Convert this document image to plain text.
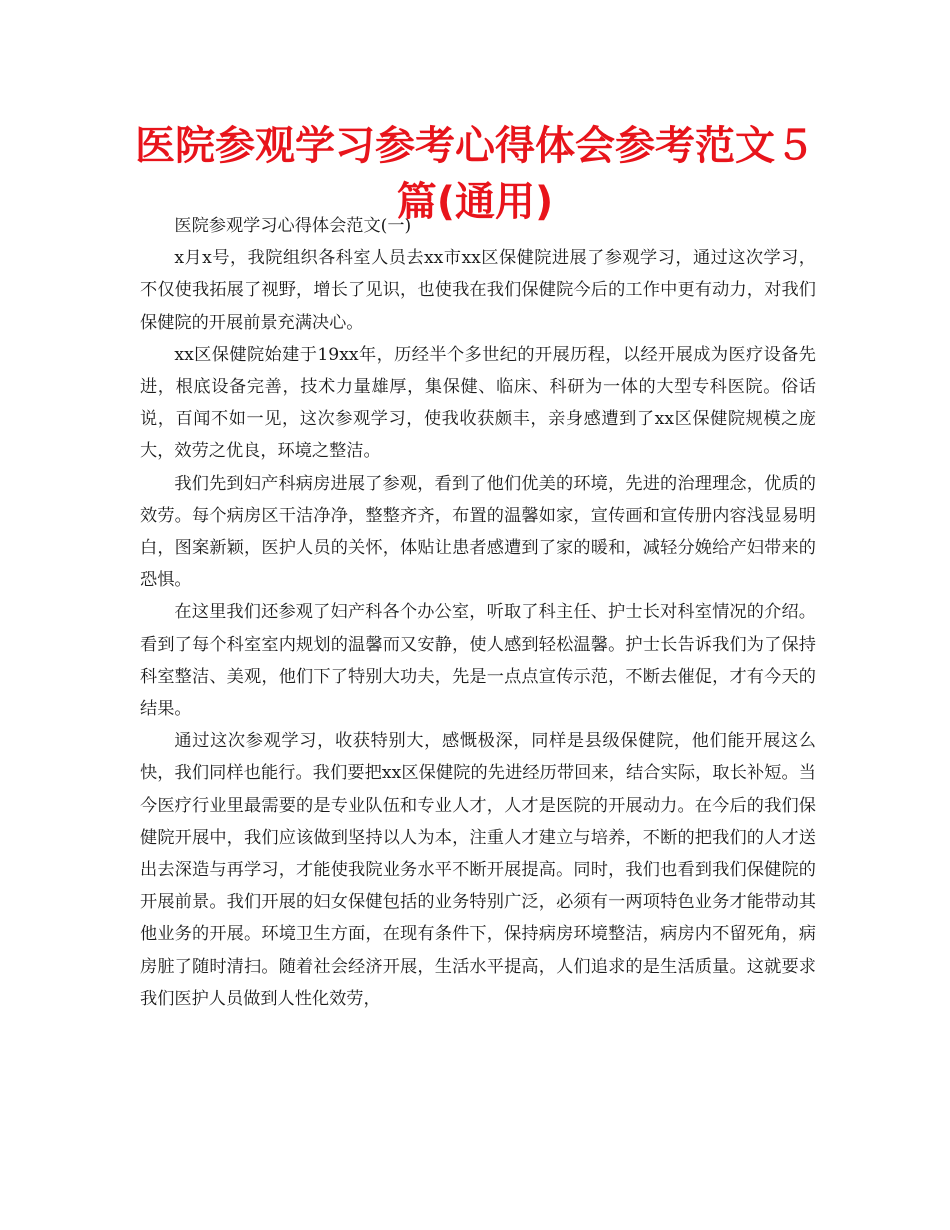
医院参观学习参考心得体会参考范文５篇(通用)

医院参观学习心得体会范文(一)

x月x号，我院组织各科室人员去xx市xx区保健院进展了参观学习，通过这次学习，不仅使我拓展了视野，增长了见识，也使我在我们保健院今后的工作中更有动力，对我们保健院的开展前景充满决心。

xx区保健院始建于19xx年，历经半个多世纪的开展历程，以经开展成为医疗设备先进，根底设备完善，技术力量雄厚，集保健、临床、科研为一体的大型专科医院。俗话说，百闻不如一见，这次参观学习，使我收获颇丰，亲身感遭到了xx区保健院规模之庞大，效劳之优良，环境之整洁。

我们先到妇产科病房进展了参观，看到了他们优美的环境，先进的治理理念，优质的效劳。每个病房区干洁净净，整整齐齐，布置的温馨如家，宣传画和宣传册内容浅显易明白，图案新颖，医护人员的关怀，体贴让患者感遭到了家的暖和，减轻分娩给产妇带来的恐惧。

在这里我们还参观了妇产科各个办公室，听取了科主任、护士长对科室情况的介绍。看到了每个科室室内规划的温馨而又安静，使人感到轻松温馨。护士长告诉我们为了保持科室整洁、美观，他们下了特别大功夫，先是一点点宣传示范，不断去催促，才有今天的结果。

通过这次参观学习，收获特别大，感慨极深，同样是县级保健院，他们能开展这么快，我们同样也能行。我们要把xx区保健院的先进经历带回来，结合实际，取长补短。当今医疗行业里最需要的是专业队伍和专业人才，人才是医院的开展动力。在今后的我们保健院开展中，我们应该做到坚持以人为本，注重人才建立与培养，不断的把我们的人才送出去深造与再学习，才能使我院业务水平不断开展提高。同时，我们也看到我们保健院的开展前景。我们开展的妇女保健包括的业务特别广泛，必须有一两项特色业务才能带动其他业务的开展。环境卫生方面，在现有条件下，保持病房环境整洁，病房内不留死角，病房脏了随时清扫。随着社会经济开展，生活水平提高，人们追求的是生活质量。这就要求我们医护人员做到人性化效劳，
